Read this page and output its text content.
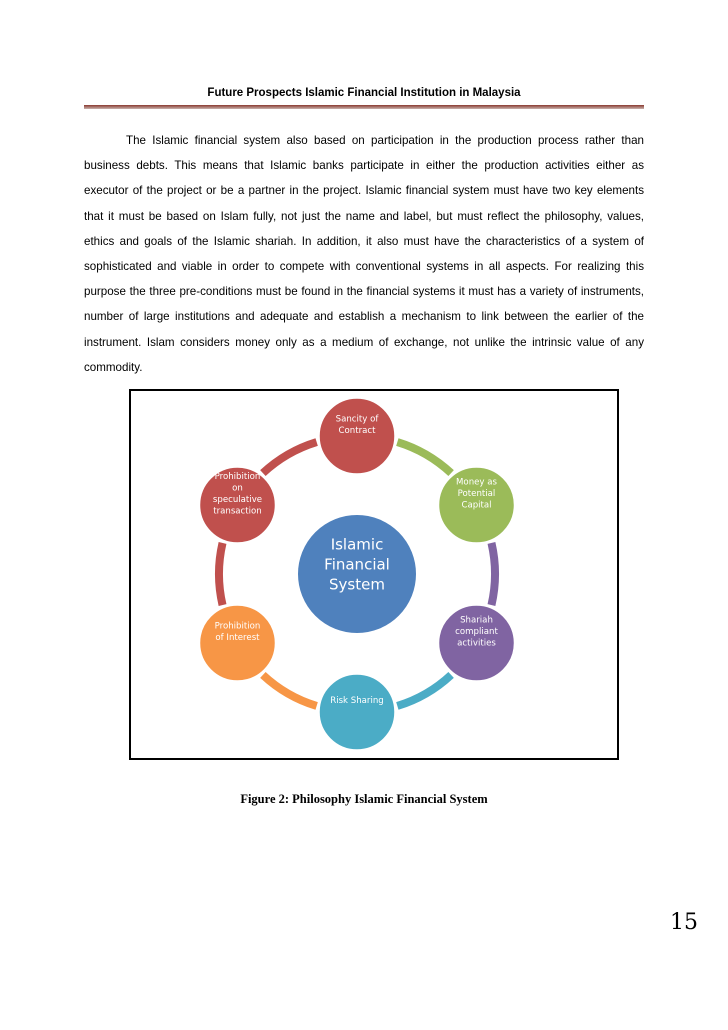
Future Prospects Islamic Financial Institution in Malaysia

The Islamic financial system also based on participation in the production process rather than business debts. This means that Islamic banks participate in either the production activities either as executor of the project or be a partner in the project. Islamic financial system must have two key elements that it must be based on Islam fully, not just the name and label, but must reflect the philosophy, values, ethics and goals of the Islamic shariah. In addition, it also must have the characteristics of a system of sophisticated and viable in order to compete with conventional systems in all aspects. For realizing this purpose the three pre-conditions must be found in the financial systems it must has a variety of instruments, number of large institutions and adequate and establish a mechanism to link between the earlier of the instrument. Islam considers money only as a medium of exchange, not unlike the intrinsic value of any commodity.

Sancity of Contract
Money as Potential Capital
Shariah compliant activities
Risk Sharing
Prohibition of Interest
Prohibition on speculative transaction
Islamic Financial System
Figure 2: Philosophy Islamic Financial System
15
